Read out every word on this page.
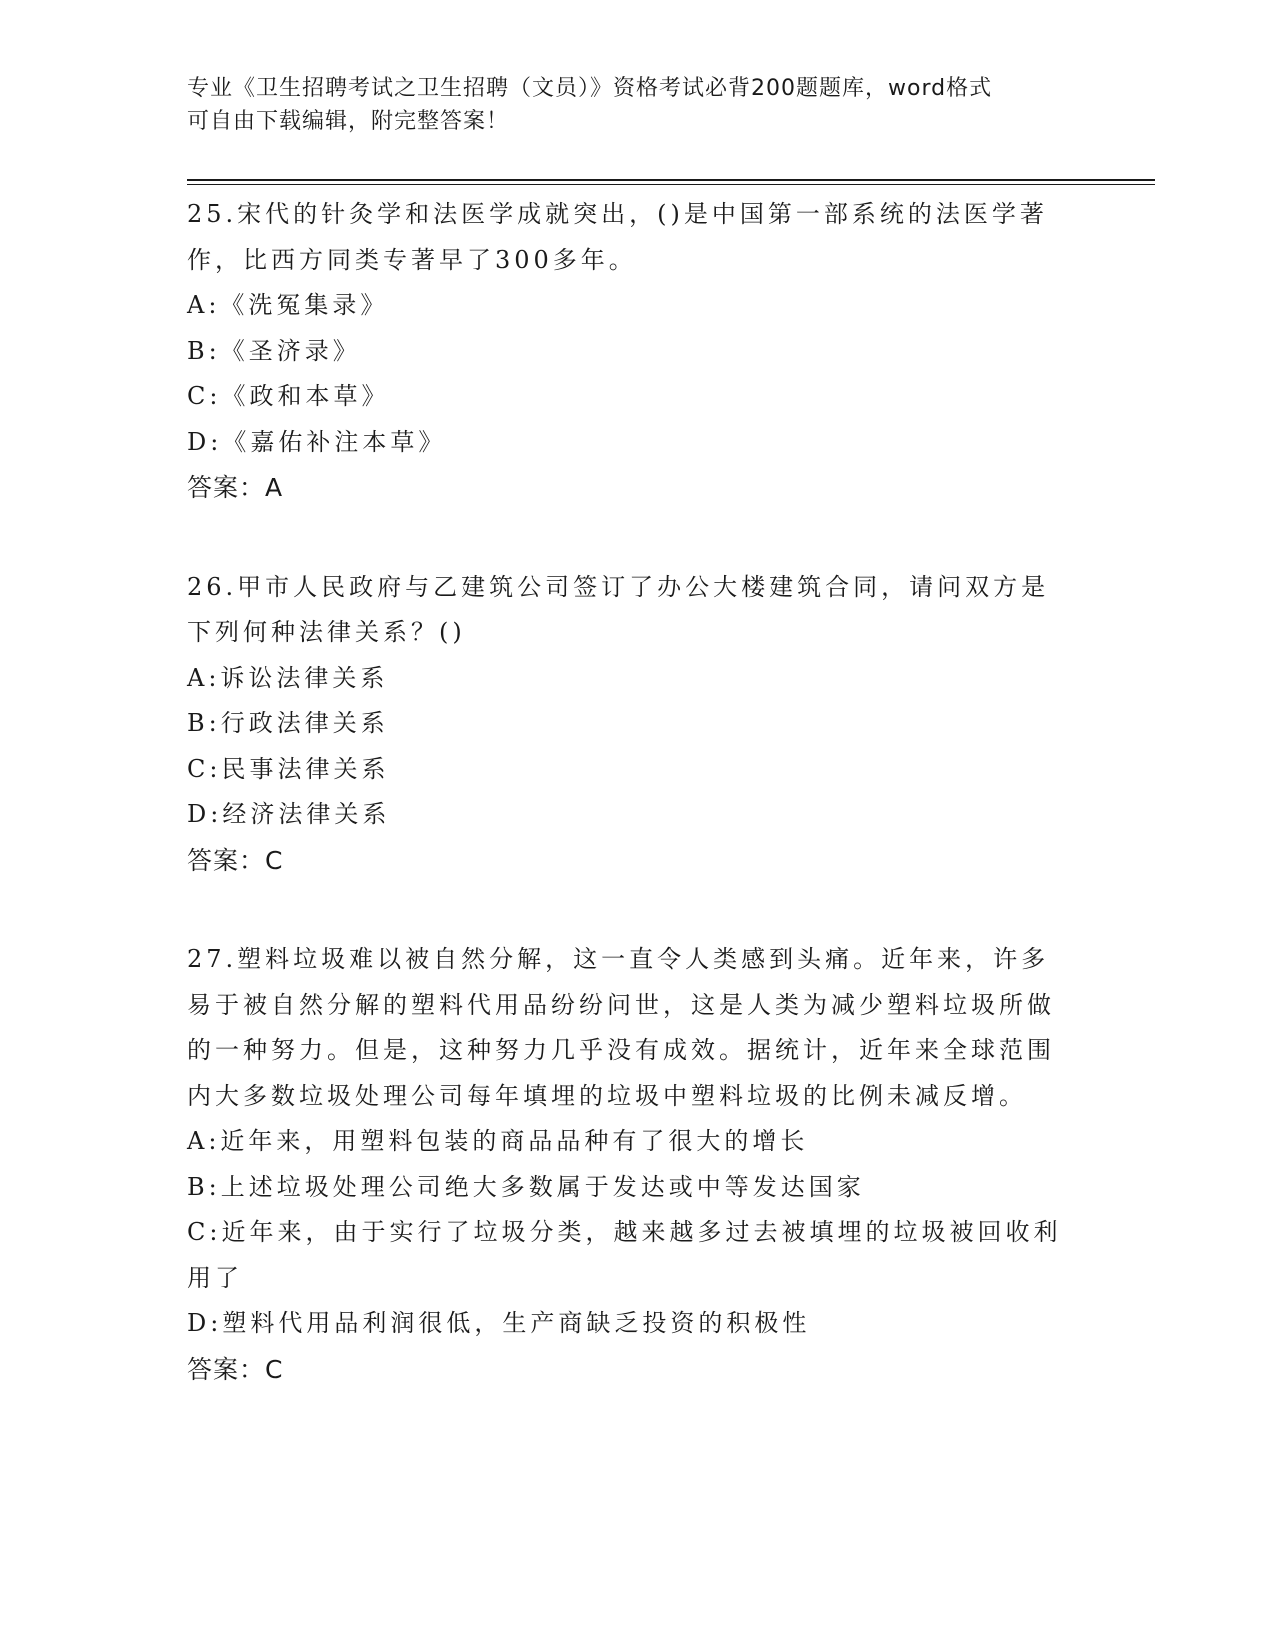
专业《卫生招聘考试之卫生招聘（文员）》资格考试必背200题题库，word格式
可自由下载编辑，附完整答案！

25.宋代的针灸学和法医学成就突出，()是中国第一部系统的法医学著作，比西方同类专著早了300多年。

A:《洗冤集录》
B:《圣济录》
C:《政和本草》
D:《嘉佑补注本草》
答案：A

26.甲市人民政府与乙建筑公司签订了办公大楼建筑合同，请问双方是下列何种法律关系？()

A:诉讼法律关系
B:行政法律关系
C:民事法律关系
D:经济法律关系
答案：C

27.塑料垃圾难以被自然分解，这一直令人类感到头痛。近年来，许多易于被自然分解的塑料代用品纷纷问世，这是人类为减少塑料垃圾所做的一种努力。但是，这种努力几乎没有成效。据统计，近年来全球范围内大多数垃圾处理公司每年填埋的垃圾中塑料垃圾的比例未减反增。

A:近年来，用塑料包装的商品品种有了很大的增长
B:上述垃圾处理公司绝大多数属于发达或中等发达国家
C:近年来，由于实行了垃圾分类，越来越多过去被填埋的垃圾被回收利用了
D:塑料代用品利润很低，生产商缺乏投资的积极性
答案：C
